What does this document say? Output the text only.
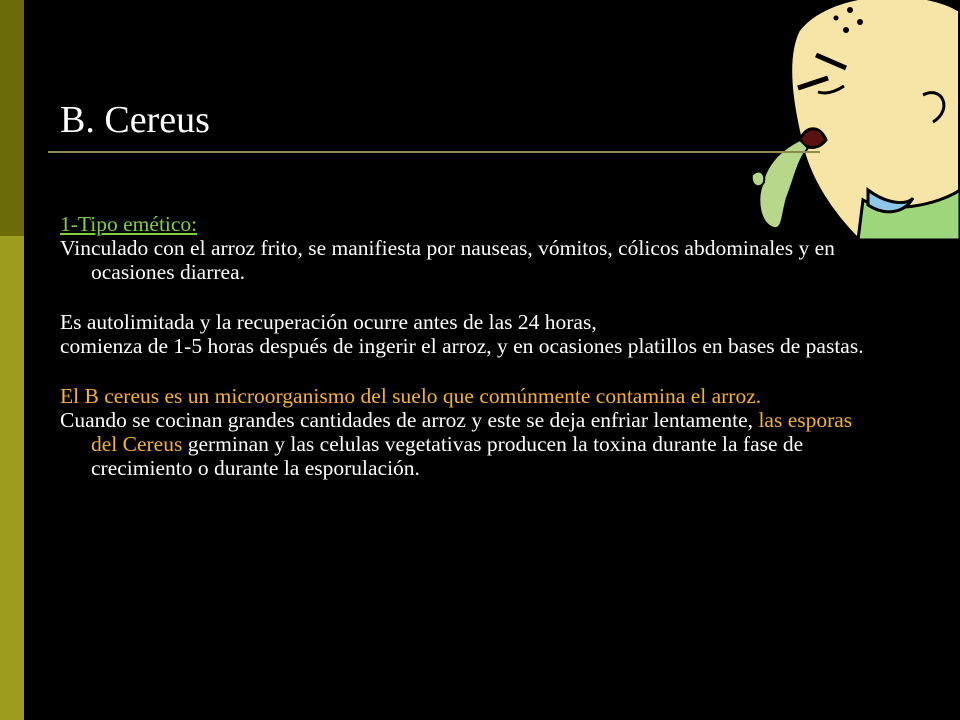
B. Cereus

1-Tipo emético:

Vinculado con el arroz frito, se manifiesta por nauseas, vómitos, cólicos abdominales y en ocasiones diarrea.

Es autolimitada y la recuperación ocurre antes de las 24 horas,

comienza de 1-5 horas después de ingerir el arroz, y en ocasiones platillos en bases de pastas.

El B cereus es un microorganismo del suelo que comúnmente contamina el arroz.

Cuando se cocinan grandes cantidades de arroz y este se deja enfriar lentamente, las esporas del Cereus germinan y las celulas vegetativas producen la toxina durante la fase de crecimiento o durante la esporulación.
